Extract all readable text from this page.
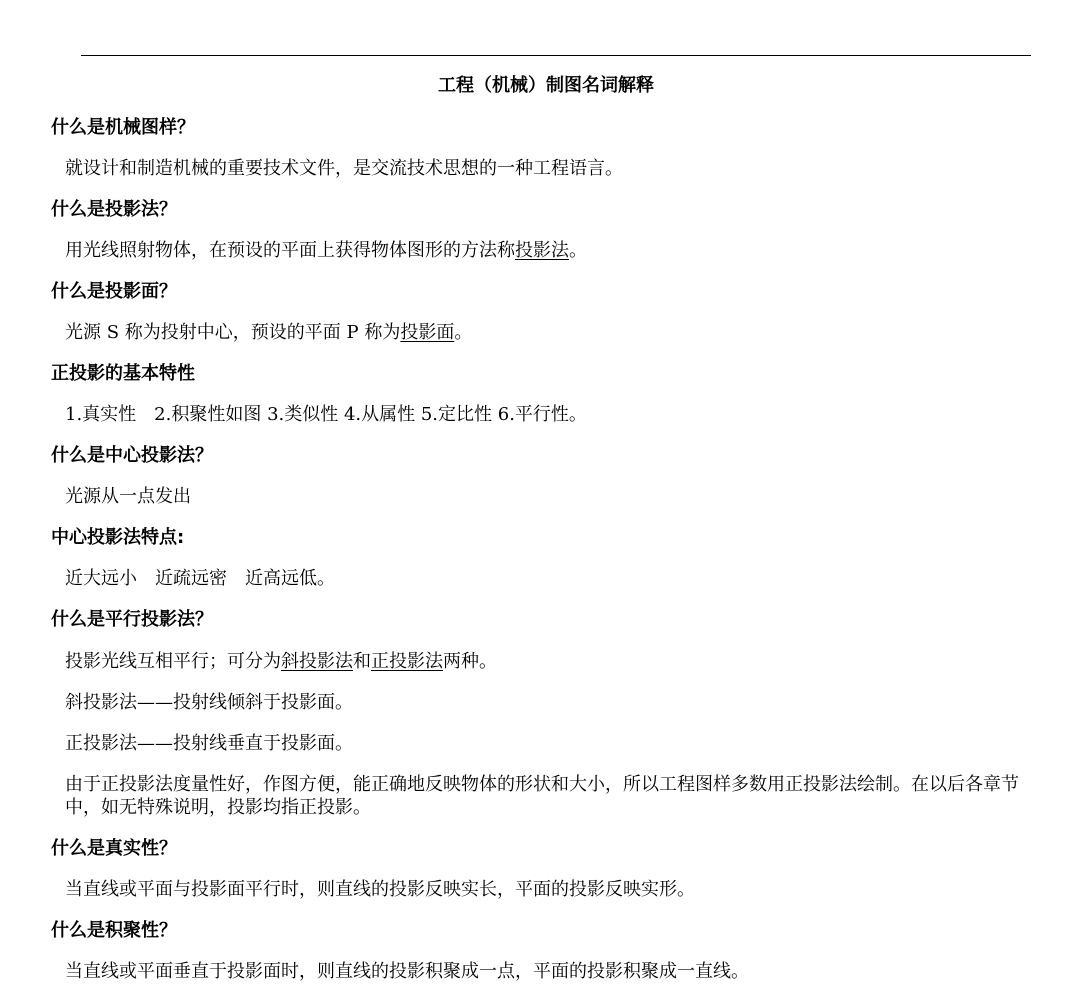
工程（机械）制图名词解释
什么是机械图样？
就设计和制造机械的重要技术文件，是交流技术思想的一种工程语言。
什么是投影法？
用光线照射物体，在预设的平面上获得物体图形的方法称投影法。
什么是投影面？
光源 S 称为投射中心，预设的平面 P 称为投影面。
正投影的基本特性
1.真实性　2.积聚性如图 3.类似性 4.从属性 5.定比性 6.平行性。
什么是中心投影法？
光源从一点发出
中心投影法特点:
近大远小　近疏远密　近高远低。
什么是平行投影法？
投影光线互相平行；可分为斜投影法和正投影法两种。
斜投影法——投射线倾斜于投影面。
正投影法——投射线垂直于投影面。
由于正投影法度量性好，作图方便，能正确地反映物体的形状和大小，所以工程图样多数用正投影法绘制。在以后各章节中，如无特殊说明，投影均指正投影。
什么是真实性？
当直线或平面与投影面平行时，则直线的投影反映实长，平面的投影反映实形。
什么是积聚性？
当直线或平面垂直于投影面时，则直线的投影积聚成一点，平面的投影积聚成一直线。
